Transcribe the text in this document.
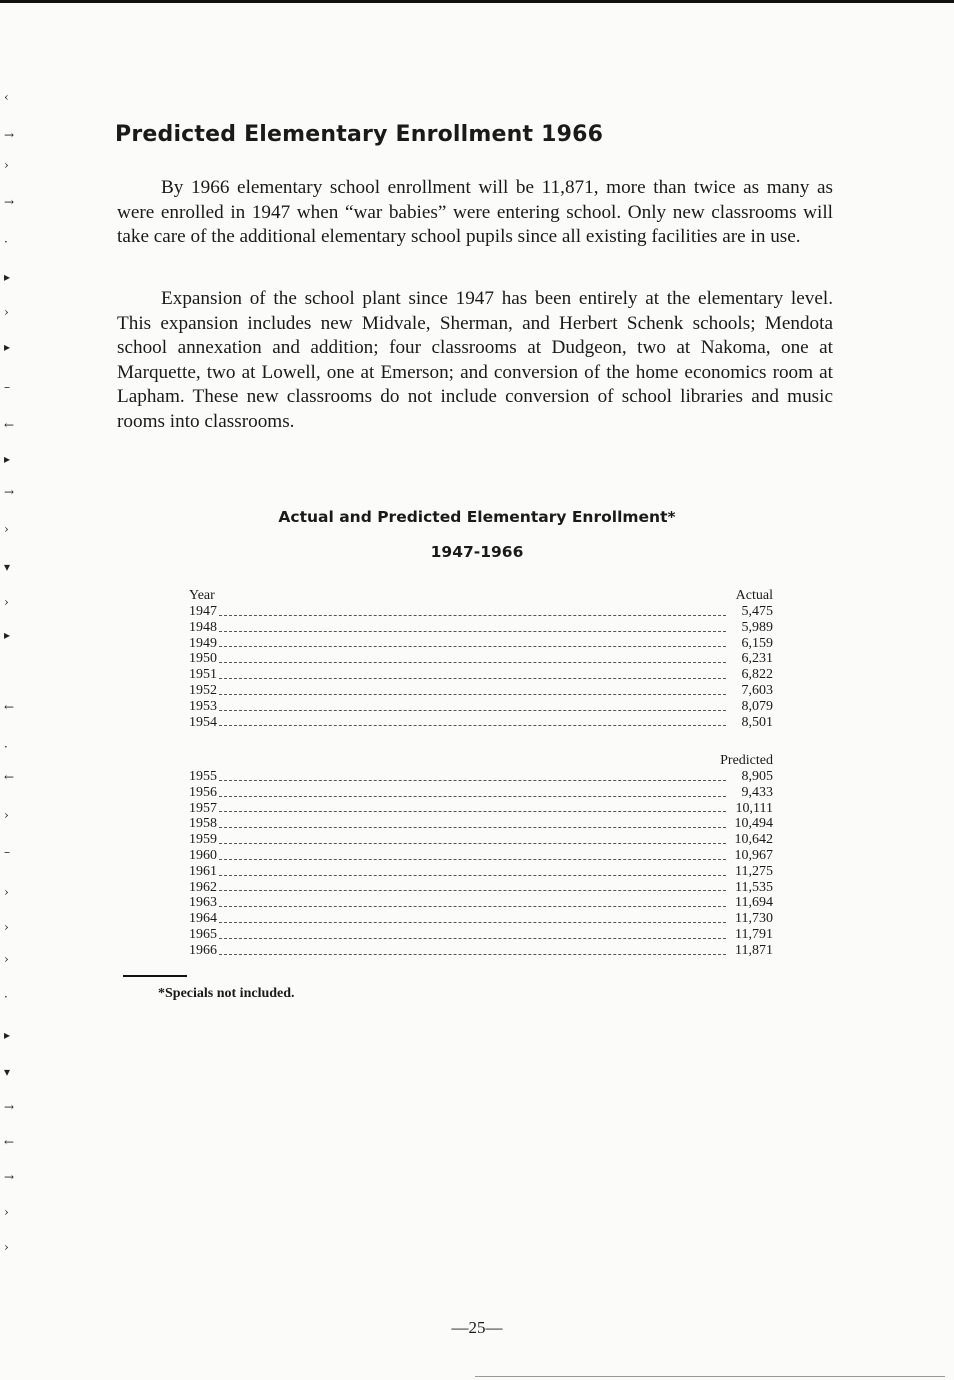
‹
→
›
→
·
▸
›
▸
–
←
▸
→
›
▾
›
▸
←
·
←
›
–
›
›
›
·
▸
▾
→
←
→
›
›
Predicted Elementary Enrollment 1966

By 1966 elementary school enrollment will be 11,871, more than twice as many as were enrolled in 1947 when “war babies” were entering school. Only new classrooms will take care of the additional elementary school pupils since all existing facilities are in use.

Expansion of the school plant since 1947 has been entirely at the elementary level. This expansion includes new Midvale, Sherman, and Herbert Schenk schools; Mendota school annexation and addition; four classrooms at Dudgeon, two at Nakoma, one at Marquette, two at Lowell, one at Emerson; and conversion of the home economics room at Lapham. These new classrooms do not include conversion of school libraries and music rooms into classrooms.

Actual and Predicted Elementary Enrollment*

1947-1966

Year	Actual
1947	5,475
1948	5,989
1949	6,159
1950	6,231
1951	6,822
1952	7,603
1953	8,079
1954	8,501
Predicted
1955	8,905
1956	9,433
1957	10,111
1958	10,494
1959	10,642
1960	10,967
1961	11,275
1962	11,535
1963	11,694
1964	11,730
1965	11,791
1966	11,871

*Specials not included.

—25—
